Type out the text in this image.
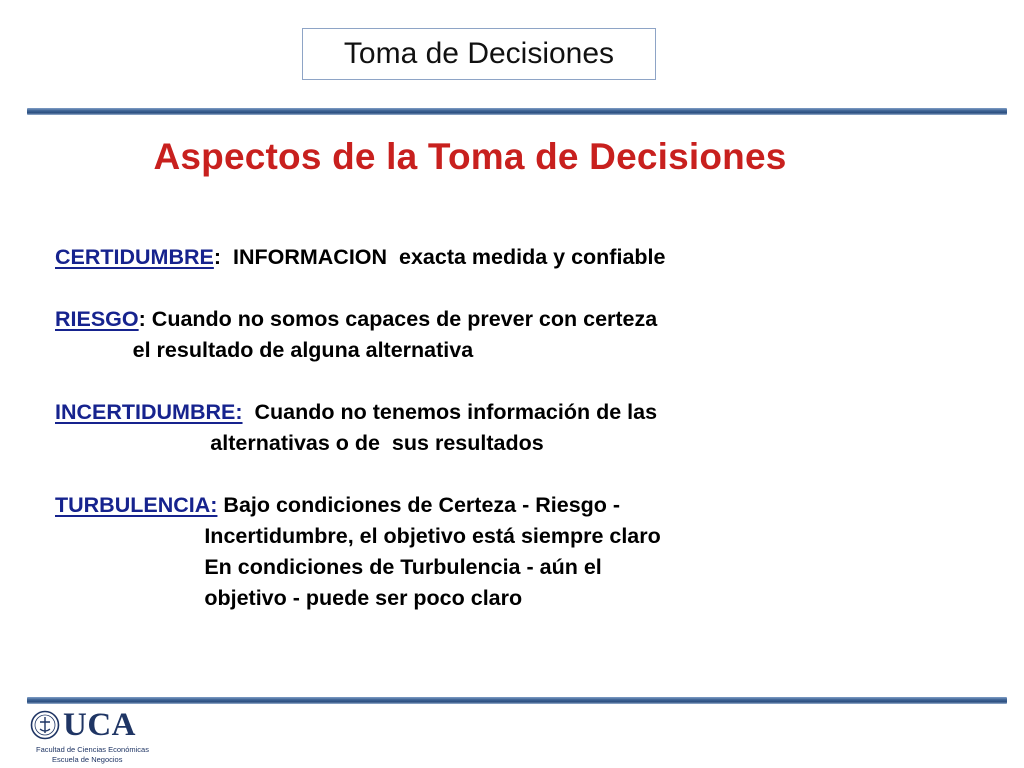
Toma de Decisiones
Aspectos de la Toma de Decisiones
CERTIDUMBRE:  INFORMACION  exacta medida y confiable
RIESGO: Cuando no somos capaces de prever con certeza
el resultado de alguna alternativa
INCERTIDUMBRE:  Cuando no tenemos información de las
alternativas o de  sus resultados
TURBULENCIA: Bajo condiciones de Certeza - Riesgo -
Incertidumbre, el objetivo está siempre claro
En condiciones de Turbulencia - aún el
objetivo - puede ser poco claro
UCA
Facultad de Ciencias Económicas
Escuela de Negocios
